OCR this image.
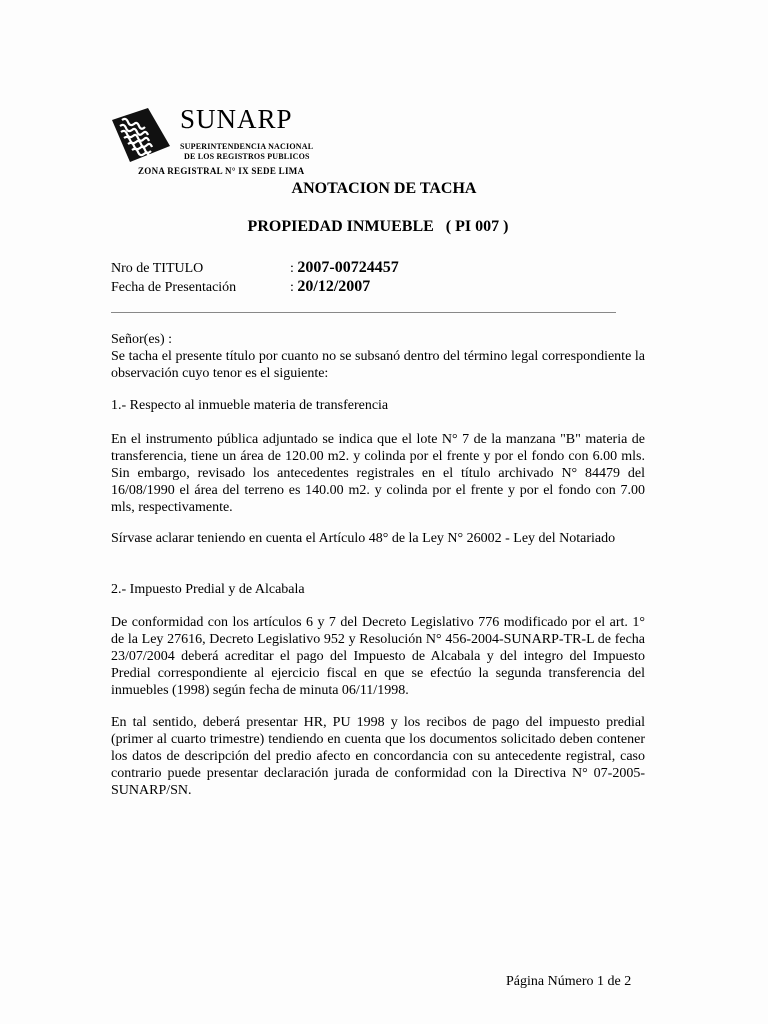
SUNARP
SUPERINTENDENCIA NACIONAL
DE LOS REGISTROS PUBLICOS
ZONA REGISTRAL N° IX SEDE LIMA
ANOTACION DE TACHA
PROPIEDAD INMUEBLE   ( PI 007 )
Nro de TITULO	: 2007-00724457
Fecha de Presentación	: 20/12/2007

Señor(es) :

Se tacha el presente título por cuanto no se subsanó dentro del término legal correspondiente la observación cuyo tenor es el siguiente:

1.- Respecto al inmueble materia de transferencia
En el instrumento pública adjuntado se indica que el lote N° 7 de la manzana "B" materia de transferencia, tiene un área de 120.00 m2. y colinda por el frente y por el fondo con 6.00 mls. Sin embargo, revisado los antecedentes registrales en el título archivado N° 84479 del 16/08/1990 el área del terreno es 140.00 m2. y colinda por el frente y por el fondo con 7.00 mls, respectivamente.
Sírvase aclarar teniendo en cuenta el Artículo 48° de la Ley N° 26002 - Ley del Notariado
2.- Impuesto Predial y de Alcabala
De conformidad con los artículos 6 y 7 del Decreto Legislativo 776 modificado por el art. 1° de la Ley 27616, Decreto Legislativo 952 y Resolución N° 456-2004-SUNARP-TR-L de fecha 23/07/2004 deberá acreditar el pago del Impuesto de Alcabala y del integro del Impuesto Predial correspondiente al ejercicio fiscal en que se efectúo la segunda transferencia del inmuebles (1998) según fecha de minuta 06/11/1998.
En tal sentido, deberá presentar HR, PU 1998 y los recibos de pago del impuesto predial (primer al cuarto trimestre) tendiendo en cuenta que los documentos solicitado deben contener los datos de descripción del predio afecto en concordancia con su antecedente registral, caso contrario puede presentar declaración jurada de conformidad con la Directiva N° 07-2005-SUNARP/SN.
Página Número 1 de 2
